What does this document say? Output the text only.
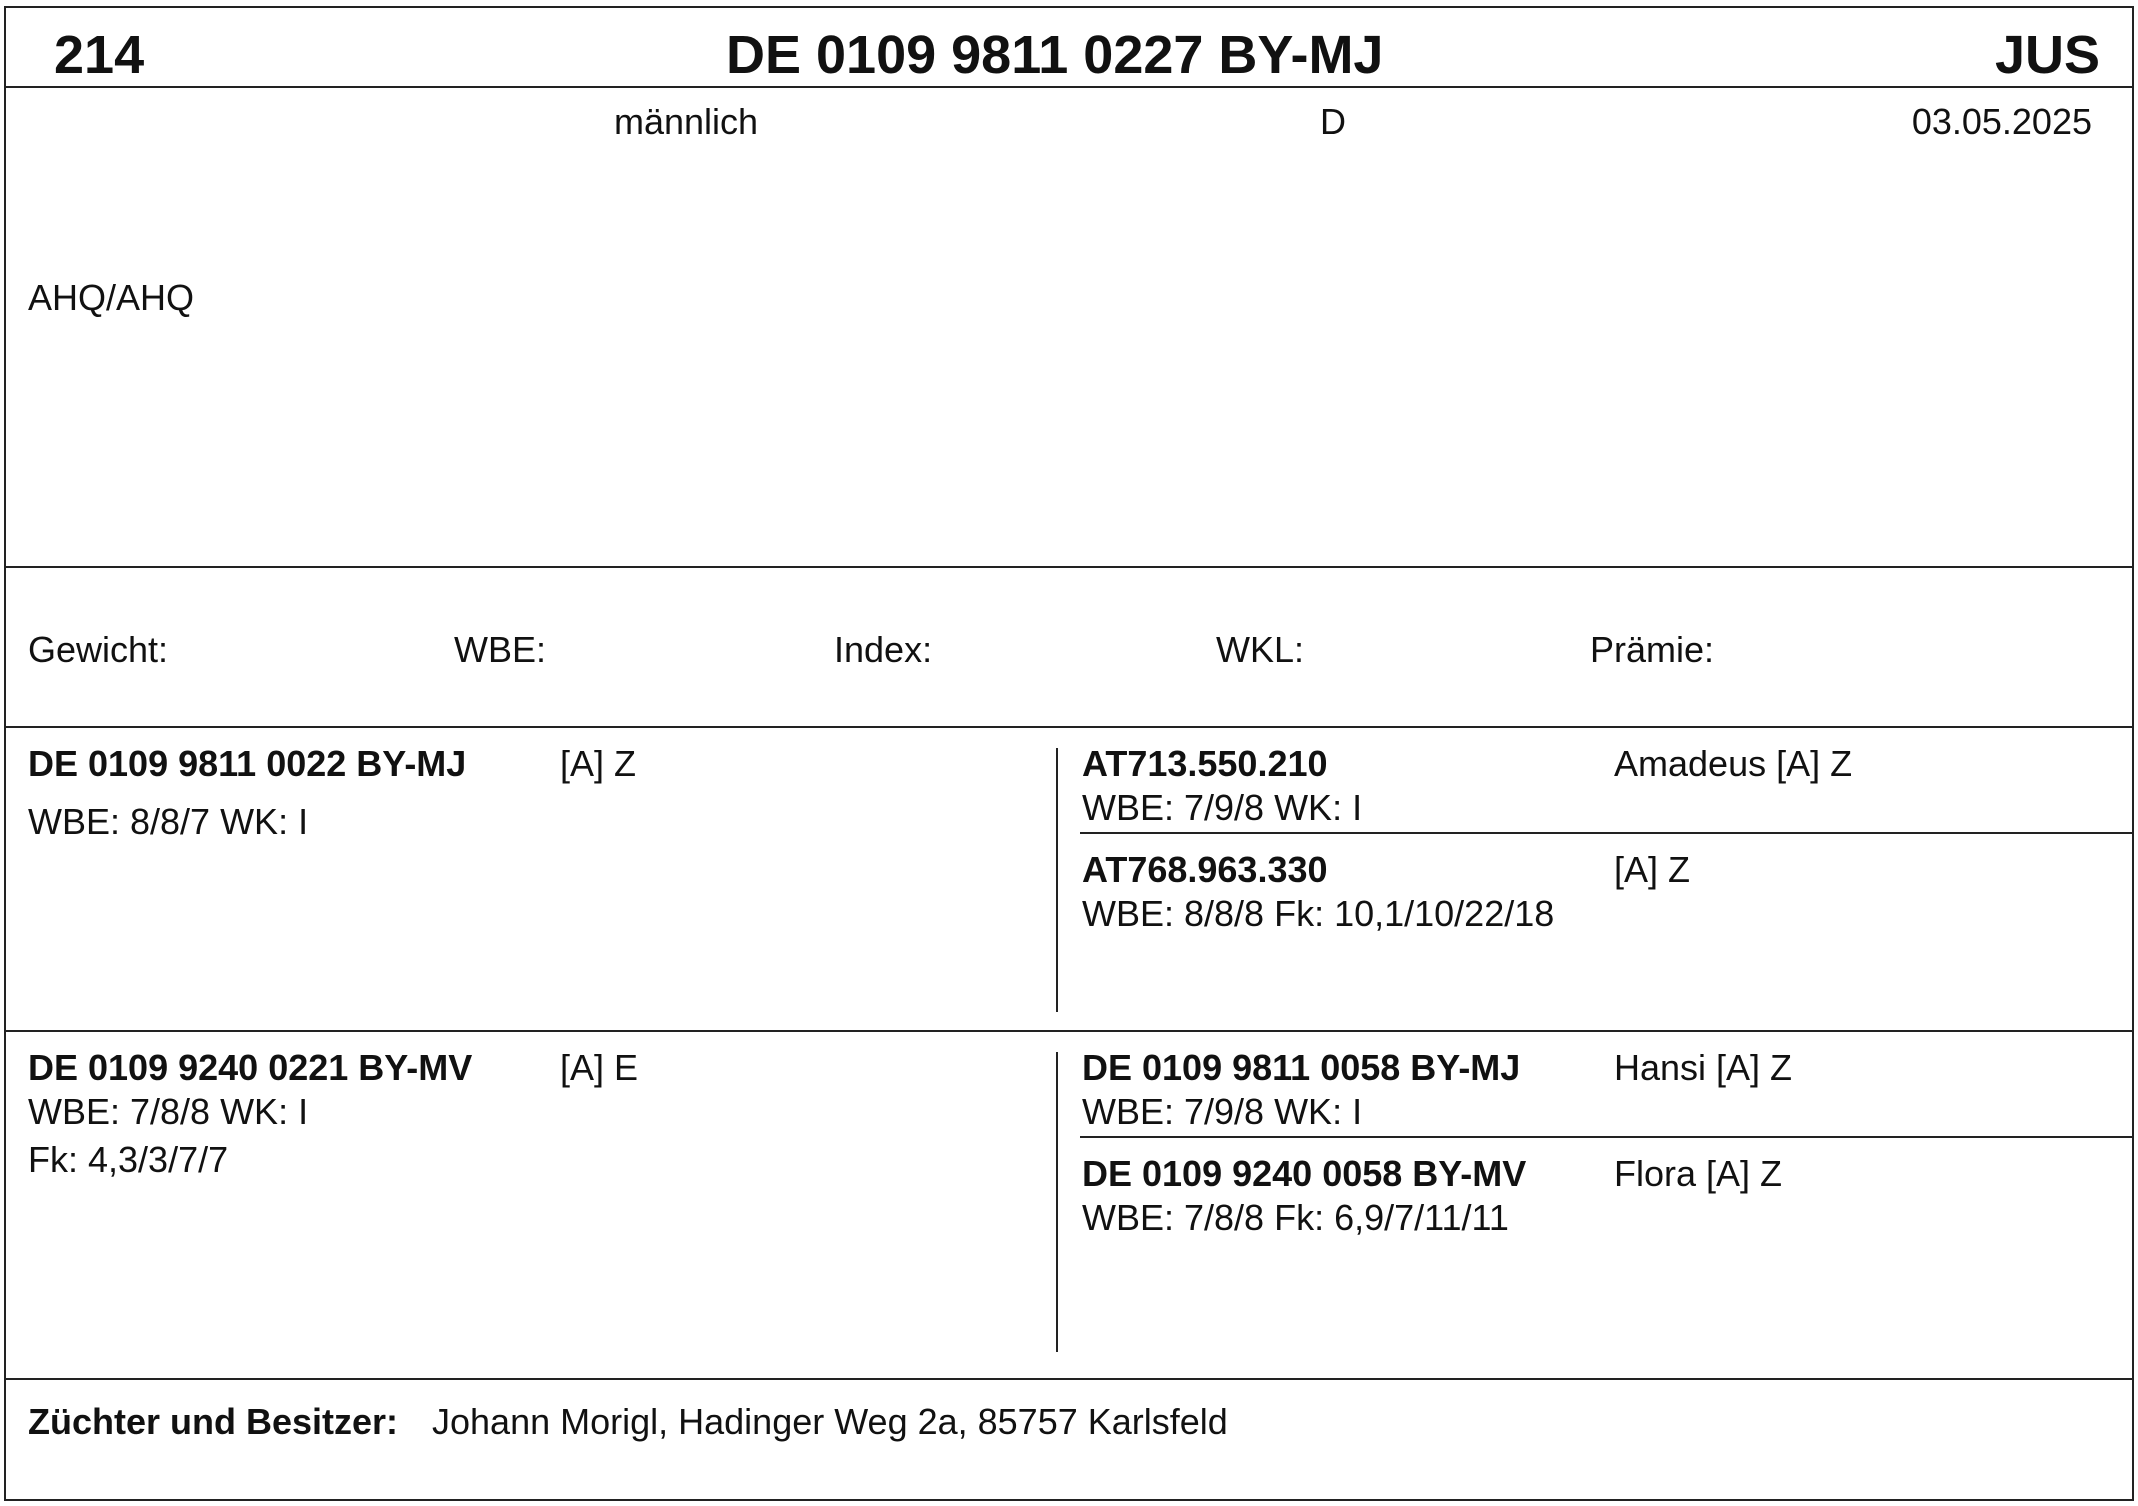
214	DE 0109 9811 0227 BY-MJ	JUS
männlich	D	03.05.2025
AHQ/AHQ
Gewicht:	WBE:	Index:	WKL:	Prämie:
DE 0109 9811 0022 BY-MJ	[A] Z
WBE: 8/8/7 WK: I
AT713.550.210	Amadeus [A] Z
WBE: 7/9/8 WK: I
AT768.963.330	[A] Z
WBE: 8/8/8 Fk: 10,1/10/22/18
DE 0109 9240 0221 BY-MV [A] E
WBE: 7/8/8 WK: I
Fk: 4,3/3/7/7
DE 0109 9811 0058 BY-MJ	Hansi [A] Z
WBE: 7/9/8 WK: I
DE 0109 9240 0058 BY-MV Flora [A] Z
WBE: 7/8/8 Fk: 6,9/7/11/11
Züchter und Besitzer: Johann Morigl, Hadinger Weg 2a, 85757 Karlsfeld
